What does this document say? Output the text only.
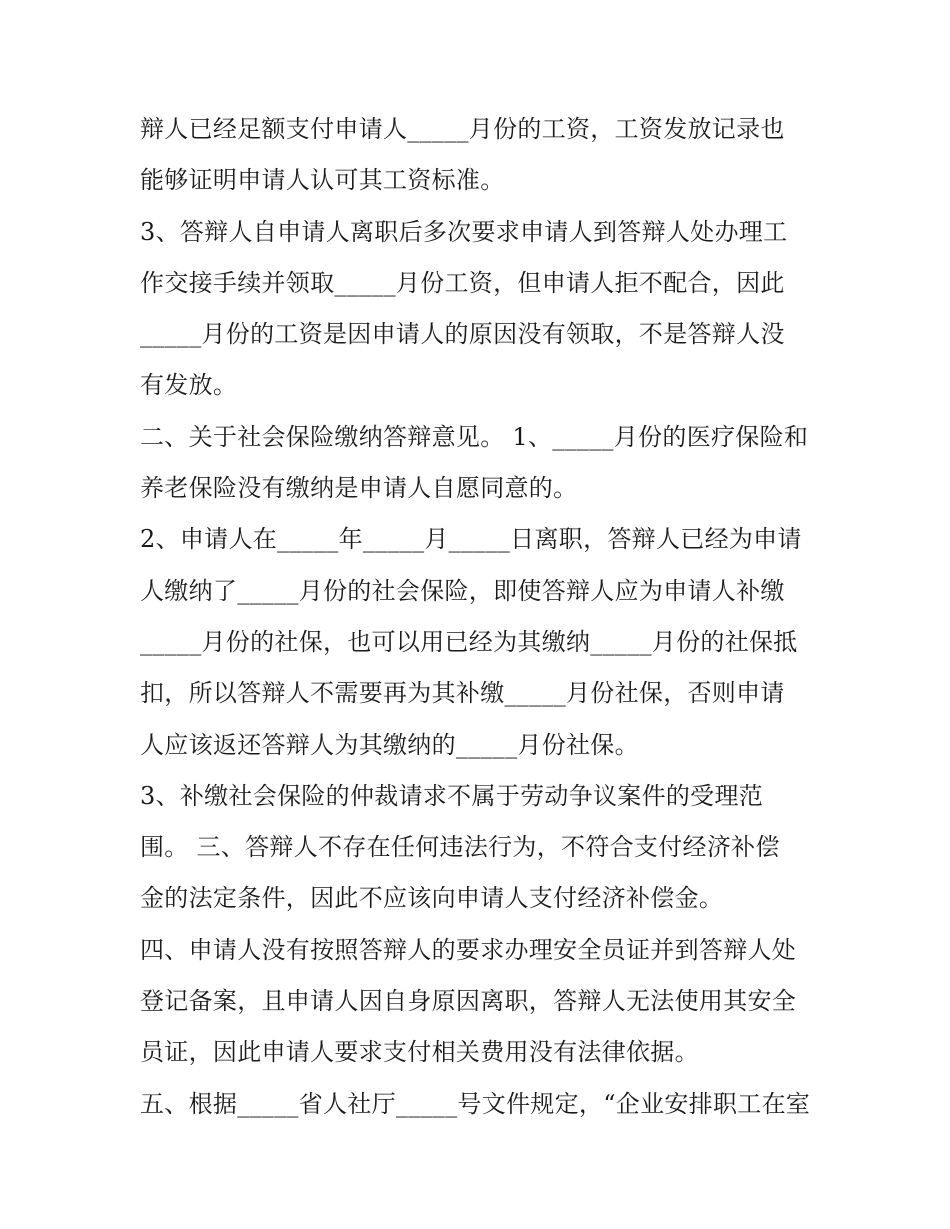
辩人已经足额支付申请人_____月份的工资，工资发放记录也
能够证明申请人认可其工资标准。
3、答辩人自申请人离职后多次要求申请人到答辩人处办理工
作交接手续并领取_____月份工资，但申请人拒不配合，因此
_____月份的工资是因申请人的原因没有领取，不是答辩人没
有发放。
二、关于社会保险缴纳答辩意见。 1、_____月份的医疗保险和
养老保险没有缴纳是申请人自愿同意的。
2、申请人在_____年_____月_____日离职，答辩人已经为申请
人缴纳了_____月份的社会保险，即使答辩人应为申请人补缴
_____月份的社保，也可以用已经为其缴纳_____月份的社保抵
扣，所以答辩人不需要再为其补缴_____月份社保，否则申请
人应该返还答辩人为其缴纳的_____月份社保。
3、补缴社会保险的仲裁请求不属于劳动争议案件的受理范
围。 三、答辩人不存在任何违法行为，不符合支付经济补偿
金的法定条件，因此不应该向申请人支付经济补偿金。
四、申请人没有按照答辩人的要求办理安全员证并到答辩人处
登记备案，且申请人因自身原因离职，答辩人无法使用其安全
员证，因此申请人要求支付相关费用没有法律依据。
五、根据_____省人社厅_____号文件规定，“企业安排职工在室
